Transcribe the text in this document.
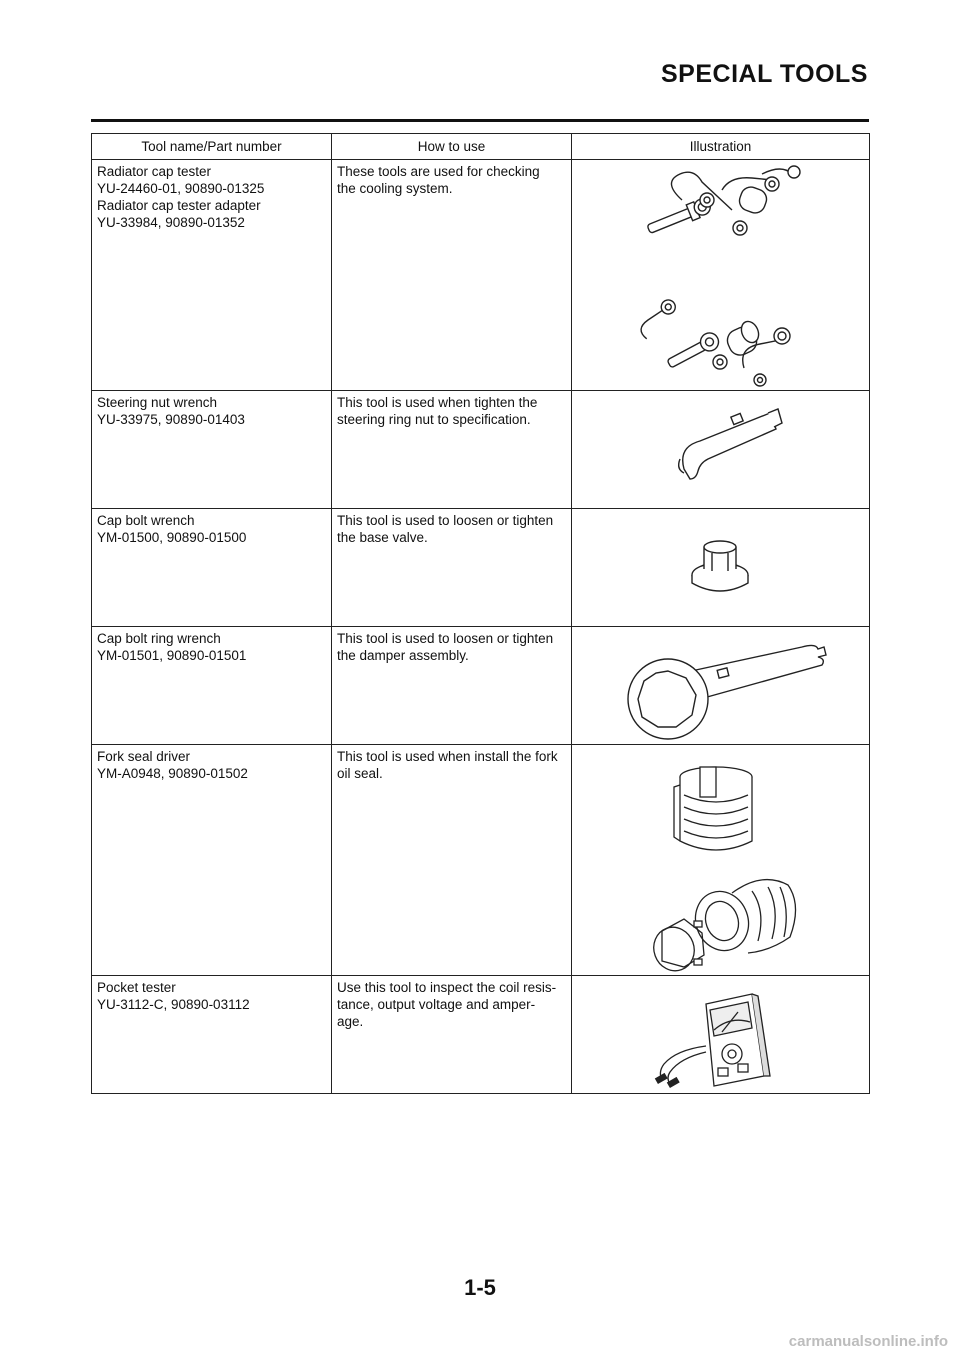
SPECIAL TOOLS
Tool name/Part number	How to use	Illustration

Radiator cap tester
YU-24460-01, 90890-01325
Radiator cap tester adapter
YU-33984, 90890-01352	These tools are used for checking
the cooling system.

Steering nut wrench
YU-33975, 90890-01403	This tool is used when tighten the
steering ring nut to specification.

Cap bolt wrench
YM-01500, 90890-01500	This tool is used to loosen or tighten
the base valve.

Cap bolt ring wrench
YM-01501, 90890-01501	This tool is used to loosen or tighten
the damper assembly.

Fork seal driver
YM-A0948, 90890-01502	This tool is used when install the fork
oil seal.

Pocket tester
YU-3112-C, 90890-03112	Use this tool to inspect the coil resis-
tance, output voltage and amper-
age.

1-5
carmanualsonline.info
